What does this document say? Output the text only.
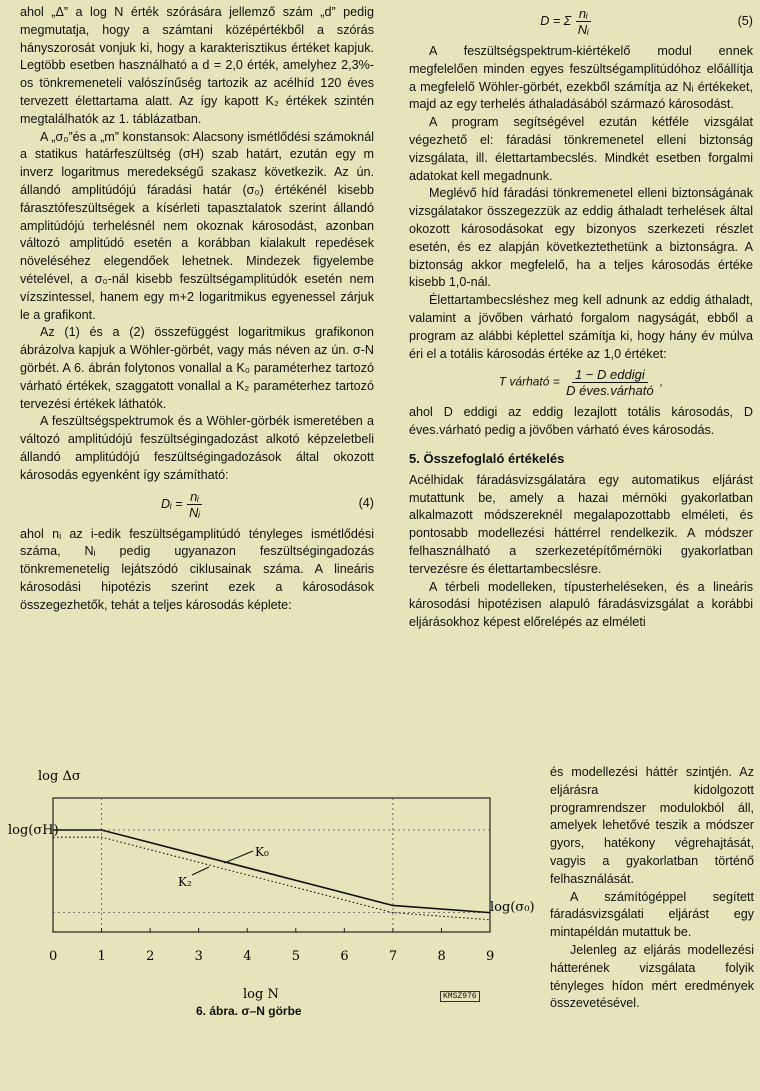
ahol „Δ” a log N érték szórására jellemző szám „d” pedig megmutatja, hogy a számtani középértékből a szórás hányszorosát vonjuk ki, hogy a karakterisztikus értéket kapjuk. Legtöbb esetben használható a d = 2,0 érték, amelyhez 2,3%-os tönkremeneteli valószínűség tartozik az acélhíd 120 éves tervezett élettartama alatt. Az így kapott K₂ értékek szintén megtalálhatók az 1. táblázatban.

A „σ₀”és a „m” konstansok: Alacsony ismétlődési számoknál a statikus határfeszültség (σH) szab határt, ezután egy m inverz logaritmus meredekségű szakasz következik. Az ún. állandó amplitúdójú fáradási határ (σ₀) értékénél kisebb fárasztófeszültségek a kísérleti tapasztalatok szerint állandó amplitúdójú terhelésnél nem okoznak károsodást, azonban változó amplitúdó esetén a korábban kialakult repedések növeléséhez elegendőek lehetnek. Mindezek figyelembe vételével, a σ₀-nál kisebb feszültségamplitúdók esetén nem vízszintessel, hanem egy m+2 logaritmikus egyenessel zárjuk le a grafikont.

Az (1) és a (2) összefüggést logaritmikus grafikonon ábrázolva kapjuk a Wöhler-görbét, vagy más néven az ún. σ-N görbét. A 6. ábrán folytonos vonallal a K₀ paraméterhez tartozó várható értékek, szaggatott vonallal a K₂ paraméterhez tartozó tervezési értékek láthatók.

A feszültségspektrumok és a Wöhler-görbék ismeretében a változó amplitúdójú feszültségingadozást alkotó képzeletbeli állandó amplitúdójú feszültségingadozások által okozott károsodás egyenként így számítható:

Dᵢ = $\frac{\text{nᵢ}}{\text{Nᵢ}}$	(4)

ahol nᵢ az i-edik feszültségamplitúdó tényleges ismétlődési száma, Nᵢ pedig ugyanazon feszültségingadozás tönkremenetelig lejátszódó ciklusainak száma. A lineáris károsodási hipotézis szerint ezek a károsodások összegezhetők, tehát a teljes károsodás képlete:

D = Σ $\frac{\text{nᵢ}}{\text{Nᵢ}}$	(5)

A feszültségspektrum-kiértékelő modul ennek megfelelően minden egyes feszültségamplitúdóhoz előállítja a megfelelő Wöhler-görbét, ezekből számítja az Nᵢ értékeket, majd az egy terhelés áthaladásából származó károsodást.

A program segítségével ezután kétféle vizsgálat végezhető el: fáradási tönkremenetel elleni biztonság vizsgálata, ill. élettartambecslés. Mindkét esetben forgalmi adatokat kell megadnunk.

Meglévő híd fáradási tönkremenetel elleni biztonságának vizsgálatakor összegezzük az eddig áthaladt terhelések által okozott károsodásokat egy bizonyos szerkezeti részlet esetén, és ez alapján következtethetünk a biztonságra. A biztonság akkor megfelelő, ha a teljes károsodás értéke kisebb 1,0-nál.

Élettartambecsléshez meg kell adnunk az eddig áthaladt, valamint a jövőben várható forgalom nagyságát, ebből a program az alábbi képlettel számítja ki, hogy hány év múlva éri el a totális károsodás értéke az 1,0 értéket:

T várható = $\frac{\text{1 − D eddigi}}{\text{D éves.várható}}$ ,

ahol D eddigi az eddig lezajlott totális károsodás, D éves.várható pedig a jövőben várható éves károsodás.

5. Összefoglaló értékelés

Acélhidak fáradásvizsgálatára egy automatikus eljárást mutattunk be, amely a hazai mérnöki gyakorlatban alkalmazott módszereknél megalapozottabb elméleti, és pontosabb modellezési háttérrel rendelkezik. A módszer felhasználható a szerkezetépítőmérnöki gyakorlatban tervezésre és élettartambecslésre.

A térbeli modelleken, típusterheléseken, és a lineáris károsodási hipotézisen alapuló fáradásvizsgálat a korábbi eljárásokhoz képest előrelépés az elméleti

log Δσ
log(σH)
log(σ₀)
log N
0	1	2	3	4	5	6	7	8	9
K₀
K₂
KMSZ976
6. ábra. σ–N görbe

és modellezési háttér szintjén. Az eljárásra kidolgozott programrendszer modulokból áll, amelyek lehetővé teszik a módszer gyors, hatékony végrehajtását, vagyis a gyakorlatban történő felhasználását.

A számítógéppel segített fáradásvizsgálati eljárást egy mintapéldán mutattuk be.

Jelenleg az eljárás modellezési hátterének vizsgálata folyik tényleges hídon mért eredmények összevetésével.
